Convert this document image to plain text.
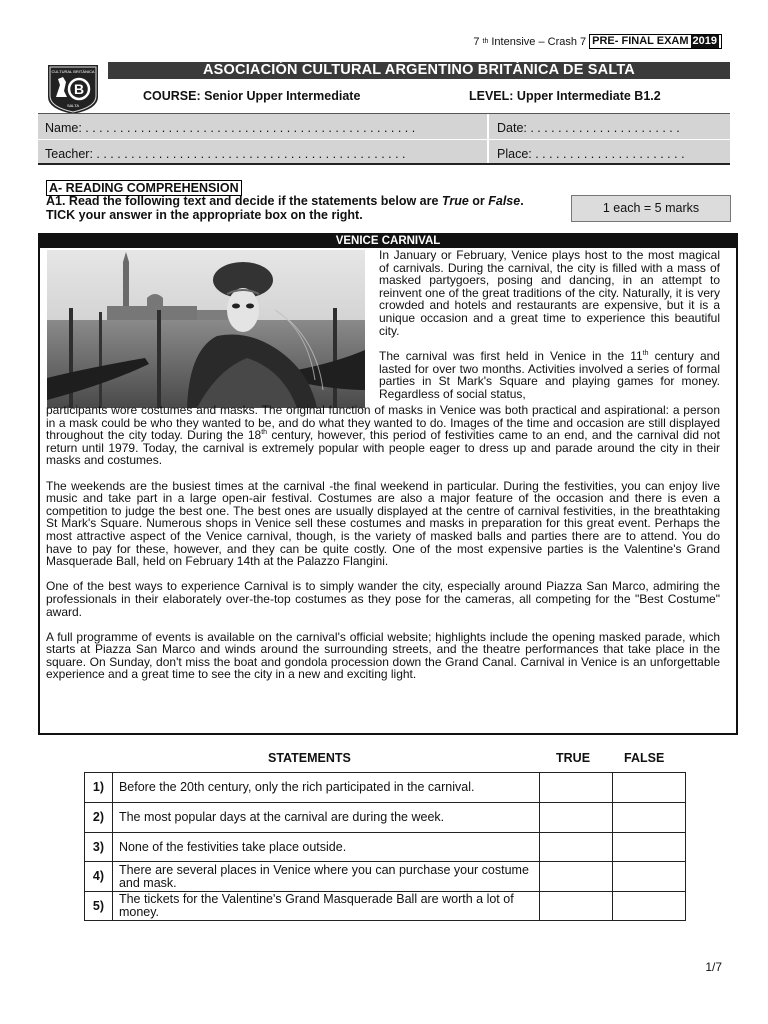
7 th Intensive – Crash 7 PRE- FINAL EXAM 2019
CULTURAL BRITÁNICA
B
SALTA
ASOCIACIÓN CULTURAL ARGENTINO BRITÁNICA DE SALTA
COURSE: Senior Upper Intermediate	LEVEL: Upper Intermediate B1.2
Name: . . . . . . . . . . . . . . . . . . . . . . . . . . . . . . . . . . . . . . . . . . . . . . . .	Date: . . . . . . . . . . . . . . . . . . . . . .
Teacher: . . . . . . . . . . . . . . . . . . . . . . . . . . . . . . . . . . . . . . . . . . . . .	Place: . . . . . . . . . . . . . . . . . . . . . .
A- READING COMPREHENSION
A1. Read the following text and decide if the statements below are True or False. TICK your answer in the appropriate box on the right.	1 each = 5 marks
VENICE CARNIVAL

In January or February, Venice plays host to the most magical of carnivals. During the carnival, the city is filled with a mass of masked partygoers, posing and dancing, in an attempt to reinvent one of the great traditions of the city. Naturally, it is very crowded and hotels and restaurants are expensive, but it is a unique occasion and a great time to experience this beautiful city.

The carnival was first held in Venice in the 11th century and lasted for over two months. Activities involved a series of formal parties in St Mark's Square and playing games for money. Regardless of social status,

participants wore costumes and masks. The original function of masks in Venice was both practical and aspirational: a person in a mask could be who they wanted to be, and do what they wanted to do. Images of the time and occasion are still displayed throughout the city today. During the 18th century, however, this period of festivities came to an end, and the carnival did not return until 1979. Today, the carnival is extremely popular with people eager to dress up and parade around the city in their masks and costumes.

The weekends are the busiest times at the carnival -the final weekend in particular. During the festivities, you can enjoy live music and take part in a large open-air festival. Costumes are also a major feature of the occasion and there is even a competition to judge the best one. The best ones are usually displayed at the centre of carnival festivities, in the breathtaking St Mark's Square. Numerous shops in Venice sell these costumes and masks in preparation for this great event. Perhaps the most attractive aspect of the Venice carnival, though, is the variety of masked balls and parties there are to attend. You do have to pay for these, however, and they can be quite costly. One of the most expensive parties is the Valentine's Grand Masquerade Ball, held on February 14th at the Palazzo Flangini.

One of the best ways to experience Carnival is to simply wander the city, especially around Piazza San Marco, admiring the professionals in their elaborately over-the-top costumes as they pose for the cameras, all competing for the "Best Costume" award.

A full programme of events is available on the carnival's official website; highlights include the opening masked parade, which starts at Piazza San Marco and winds around the surrounding streets, and the theatre performances that take place in the square. On Sunday, don't miss the boat and gondola procession down the Grand Canal. Carnival in Venice is an unforgettable experience and a great time to see the city in a new and exciting light.

STATEMENTS	TRUE	FALSE
1)	Before the 20th century, only the rich participated in the carnival.		
2)	The most popular days at the carnival are during the week.		
3)	None of the festivities take place outside.		
4)	There are several places in Venice where you can purchase your costume and mask.		
5)	The tickets for the Valentine's Grand Masquerade Ball are worth a lot of money.		
1/7
